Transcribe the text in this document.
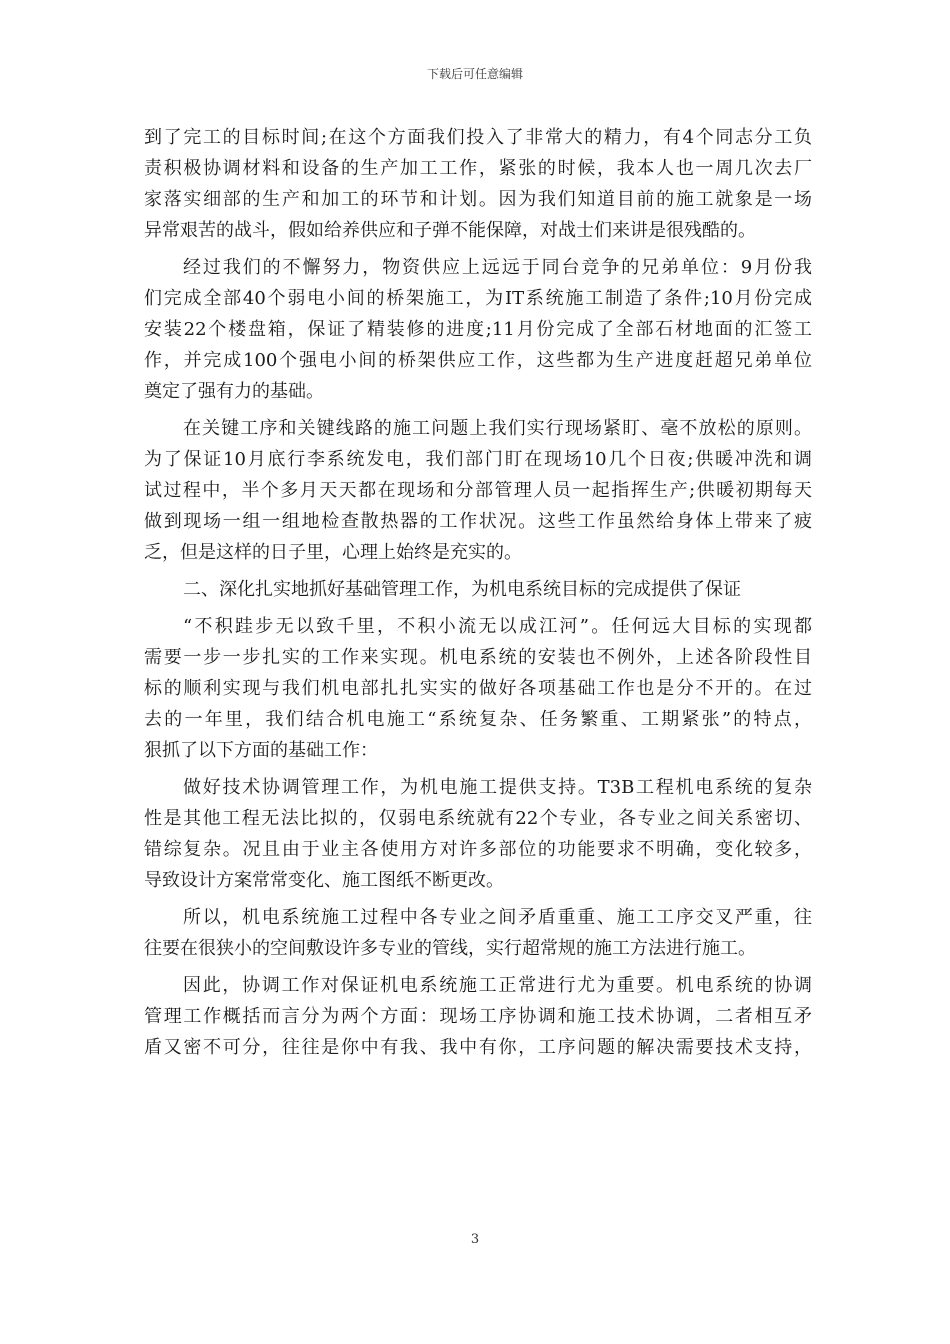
下载后可任意编辑
到了完工的目标时间;在这个方面我们投入了非常大的精力，有4个同志分工负
责积极协调材料和设备的生产加工工作，紧张的时候，我本人也一周几次去厂
家落实细部的生产和加工的环节和计划。因为我们知道目前的施工就象是一场
异常艰苦的战斗，假如给养供应和子弹不能保障，对战士们来讲是很残酷的。
经过我们的不懈努力，物资供应上远远于同台竞争的兄弟单位：9月份我
们完成全部40个弱电小间的桥架施工，为IT系统施工制造了条件;10月份完成
安装22个楼盘箱，保证了精装修的进度;11月份完成了全部石材地面的汇签工
作，并完成100个强电小间的桥架供应工作，这些都为生产进度赶超兄弟单位
奠定了强有力的基础。
在关键工序和关键线路的施工问题上我们实行现场紧盯、毫不放松的原则。
为了保证10月底行李系统发电，我们部门盯在现场10几个日夜;供暖冲洗和调
试过程中，半个多月天天都在现场和分部管理人员一起指挥生产;供暖初期每天
做到现场一组一组地检查散热器的工作状况。这些工作虽然给身体上带来了疲
乏，但是这样的日子里，心理上始终是充实的。
二、深化扎实地抓好基础管理工作，为机电系统目标的完成提供了保证
“不积跬步无以致千里，不积小流无以成江河”。任何远大目标的实现都
需要一步一步扎实的工作来实现。机电系统的安装也不例外，上述各阶段性目
标的顺利实现与我们机电部扎扎实实的做好各项基础工作也是分不开的。在过
去的一年里，我们结合机电施工“系统复杂、任务繁重、工期紧张”的特点，
狠抓了以下方面的基础工作：
做好技术协调管理工作，为机电施工提供支持。T3B工程机电系统的复杂
性是其他工程无法比拟的，仅弱电系统就有22个专业，各专业之间关系密切、
错综复杂。况且由于业主各使用方对许多部位的功能要求不明确，变化较多，
导致设计方案常常变化、施工图纸不断更改。
所以，机电系统施工过程中各专业之间矛盾重重、施工工序交叉严重，往
往要在很狭小的空间敷设许多专业的管线，实行超常规的施工方法进行施工。
因此，协调工作对保证机电系统施工正常进行尤为重要。机电系统的协调
管理工作概括而言分为两个方面：现场工序协调和施工技术协调，二者相互矛
盾又密不可分，往往是你中有我、我中有你，工序问题的解决需要技术支持，
3
